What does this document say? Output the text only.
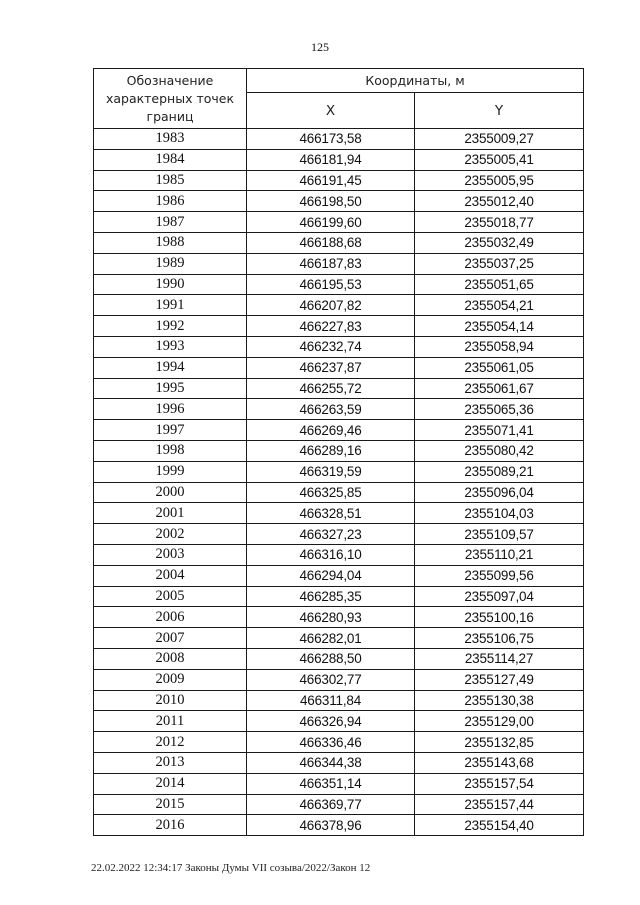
125
Обозначение характерных точек границ	Координаты, м	
	X	Y
1983	466173,58	2355009,27
1984	466181,94	2355005,41
1985	466191,45	2355005,95
1986	466198,50	2355012,40
1987	466199,60	2355018,77
1988	466188,68	2355032,49
1989	466187,83	2355037,25
1990	466195,53	2355051,65
1991	466207,82	2355054,21
1992	466227,83	2355054,14
1993	466232,74	2355058,94
1994	466237,87	2355061,05
1995	466255,72	2355061,67
1996	466263,59	2355065,36
1997	466269,46	2355071,41
1998	466289,16	2355080,42
1999	466319,59	2355089,21
2000	466325,85	2355096,04
2001	466328,51	2355104,03
2002	466327,23	2355109,57
2003	466316,10	2355110,21
2004	466294,04	2355099,56
2005	466285,35	2355097,04
2006	466280,93	2355100,16
2007	466282,01	2355106,75
2008	466288,50	2355114,27
2009	466302,77	2355127,49
2010	466311,84	2355130,38
2011	466326,94	2355129,00
2012	466336,46	2355132,85
2013	466344,38	2355143,68
2014	466351,14	2355157,54
2015	466369,77	2355157,44
2016	466378,96	2355154,40
22.02.2022 12:34:17 Законы Думы VII созыва/2022/Закон 12
